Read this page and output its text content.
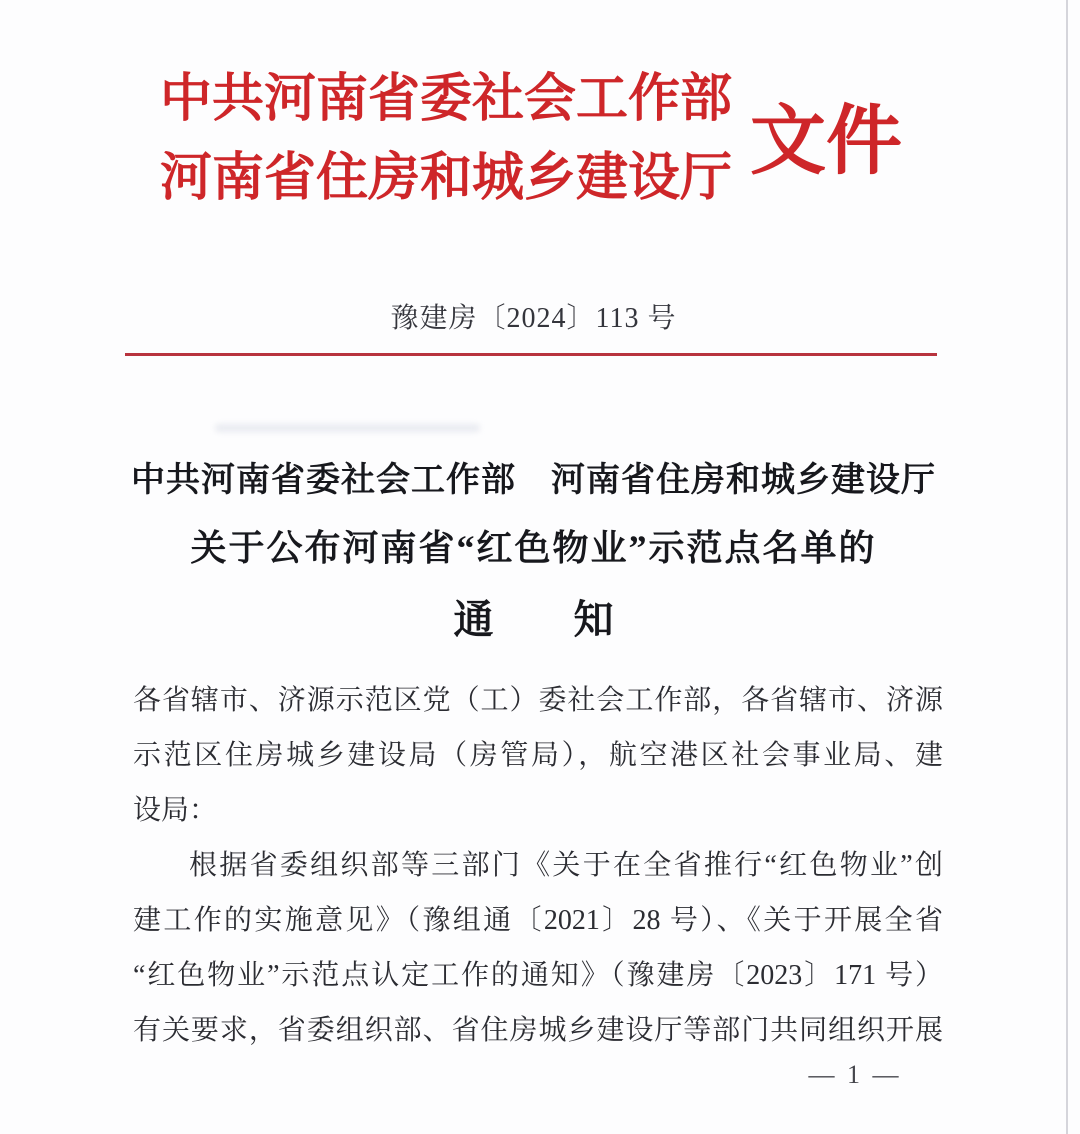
中共河南省委社会工作部
河南省住房和城乡建设厅 文件
豫建房〔2024〕113 号
中共河南省委社会工作部　河南省住房和城乡建设厅
关于公布河南省“红色物业”示范点名单的
通　　知
各省辖市、济源示范区党（工）委社会工作部，各省辖市、济源
示范区住房城乡建设局（房管局），航空港区社会事业局、建
设局：
根据省委组织部等三部门《关于在全省推行“红色物业”创
建工作的实施意见》（豫组通〔2021〕28 号）、《关于开展全省
“红色物业”示范点认定工作的通知》（豫建房〔2023〕171 号）
有关要求，省委组织部、省住房城乡建设厅等部门共同组织开展
— 1 —
